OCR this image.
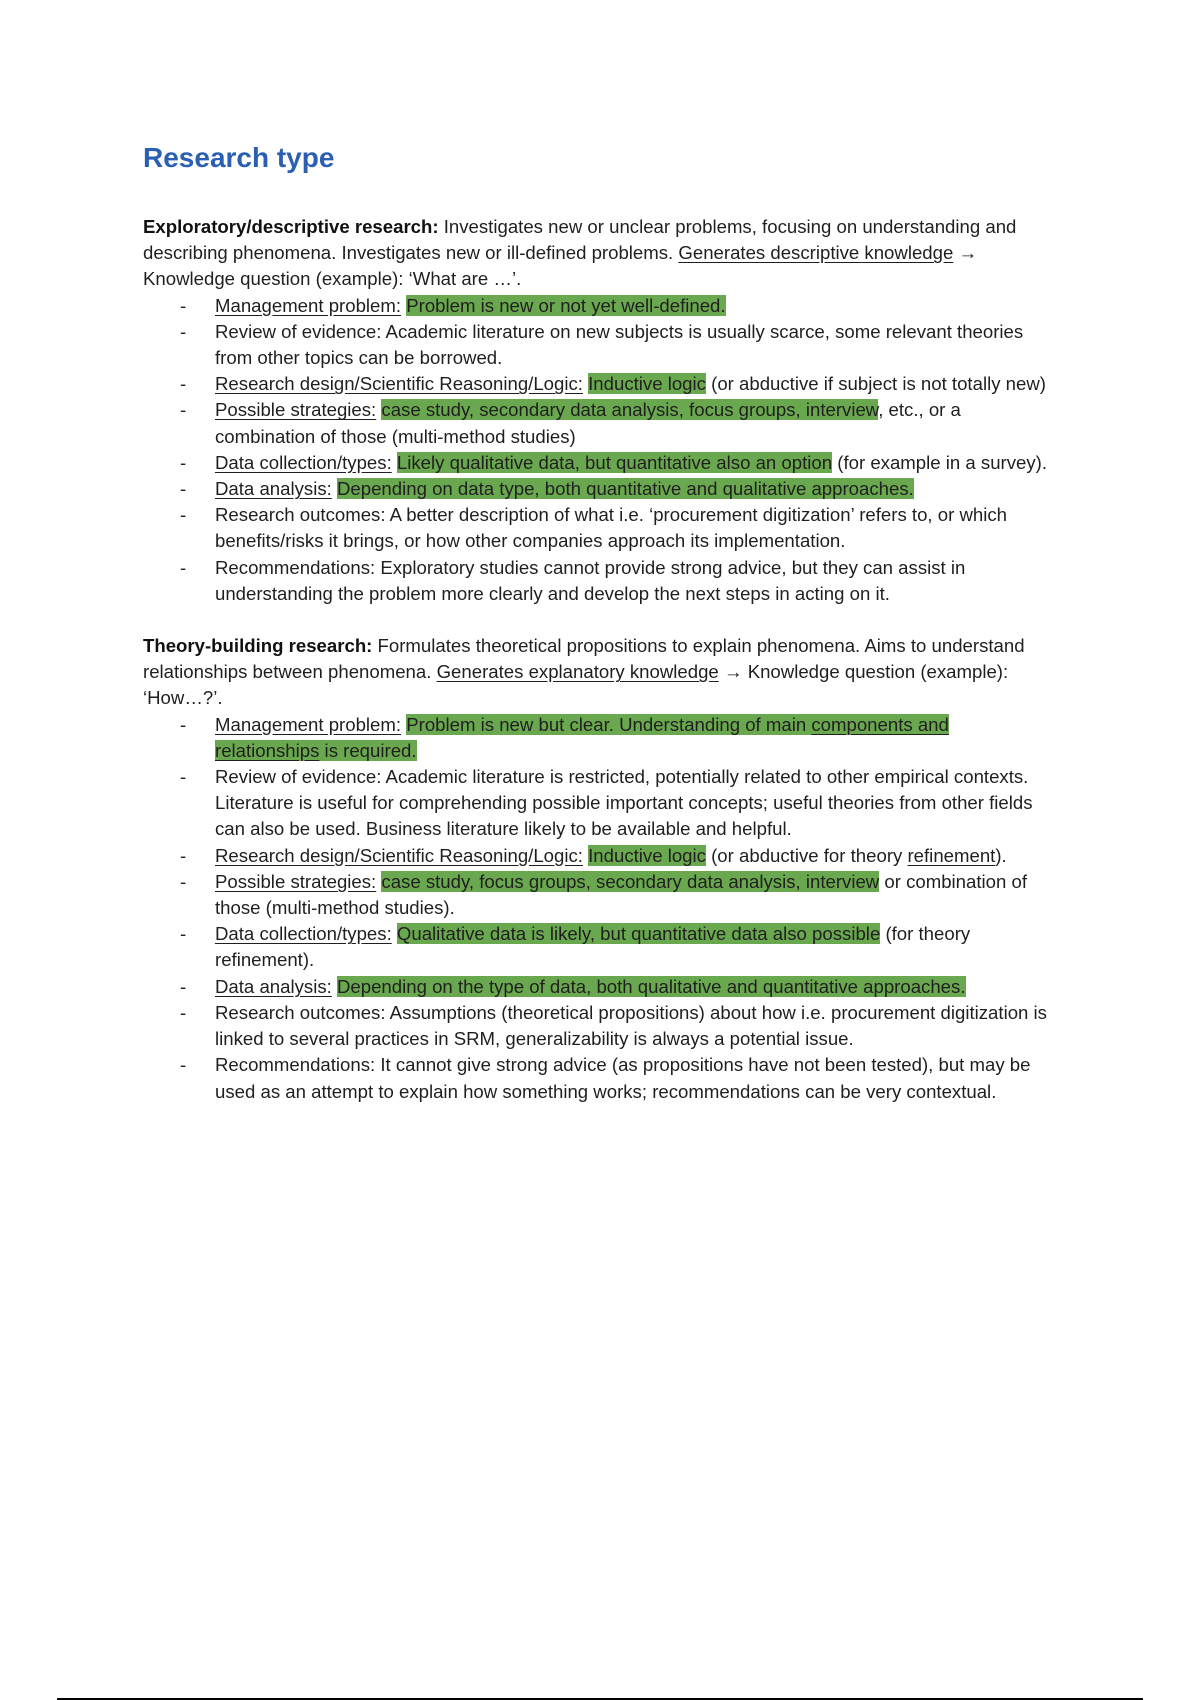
Research type

Exploratory/descriptive research: Investigates new or unclear problems, focusing on understanding and describing phenomena. Investigates new or ill-defined problems. Generates descriptive knowledge → Knowledge question (example): ‘What are …’.

- Management problem: Problem is new or not yet well-defined.
- Review of evidence: Academic literature on new subjects is usually scarce, some relevant theories from other topics can be borrowed.
- Research design/Scientific Reasoning/Logic: Inductive logic (or abductive if subject is not totally new)
- Possible strategies: case study, secondary data analysis, focus groups, interview, etc., or a combination of those (multi-method studies)
- Data collection/types: Likely qualitative data, but quantitative also an option (for example in a survey).
- Data analysis: Depending on data type, both quantitative and qualitative approaches.
- Research outcomes: A better description of what i.e. ‘procurement digitization’ refers to, or which benefits/risks it brings, or how other companies approach its implementation.
- Recommendations: Exploratory studies cannot provide strong advice, but they can assist in understanding the problem more clearly and develop the next steps in acting on it.

Theory-building research: Formulates theoretical propositions to explain phenomena. Aims to understand relationships between phenomena. Generates explanatory knowledge → Knowledge question (example): ‘How…?’.

- Management problem: Problem is new but clear. Understanding of main components and relationships is required.
- Review of evidence: Academic literature is restricted, potentially related to other empirical contexts. Literature is useful for comprehending possible important concepts; useful theories from other fields can also be used. Business literature likely to be available and helpful.
- Research design/Scientific Reasoning/Logic: Inductive logic (or abductive for theory refinement).
- Possible strategies: case study, focus groups, secondary data analysis, interview or combination of those (multi-method studies).
- Data collection/types: Qualitative data is likely, but quantitative data also possible (for theory refinement).
- Data analysis: Depending on the type of data, both qualitative and quantitative approaches.
- Research outcomes: Assumptions (theoretical propositions) about how i.e. procurement digitization is linked to several practices in SRM, generalizability is always a potential issue.
- Recommendations: It cannot give strong advice (as propositions have not been tested), but may be used as an attempt to explain how something works; recommendations can be very contextual.
